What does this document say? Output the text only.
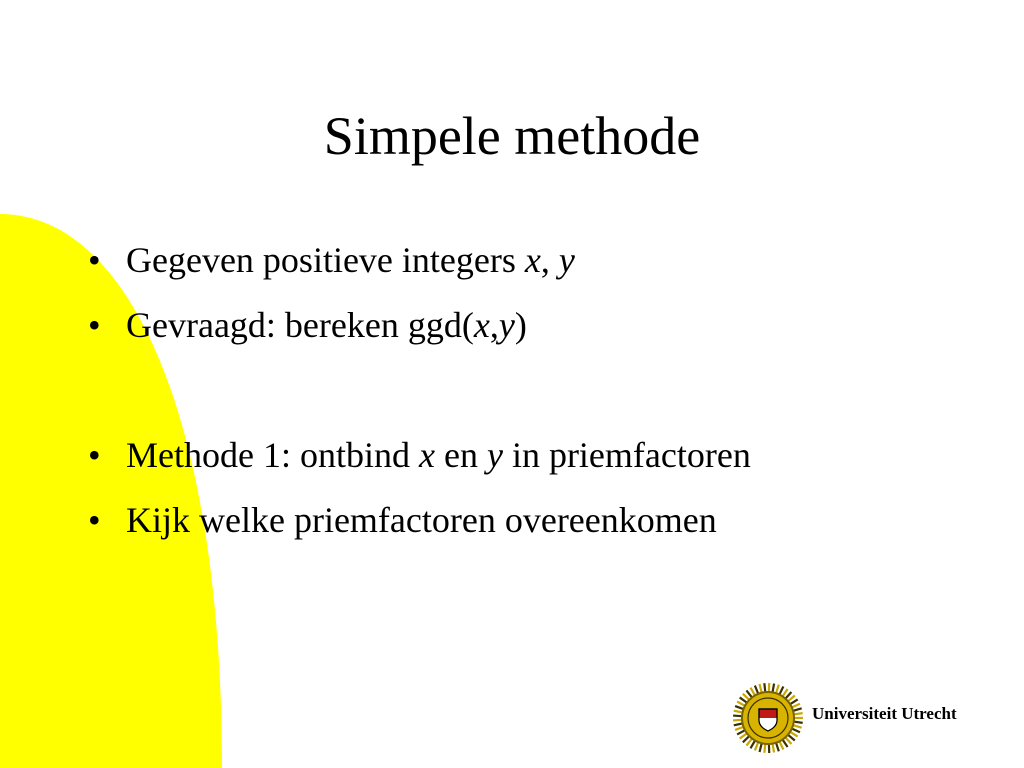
Simpele methode
• Gegeven positieve integers x, y
• Gevraagd: bereken ggd(x,y)
• Methode 1: ontbind x en y in priemfactoren
• Kijk welke priemfactoren overeenkomen
Universiteit Utrecht
